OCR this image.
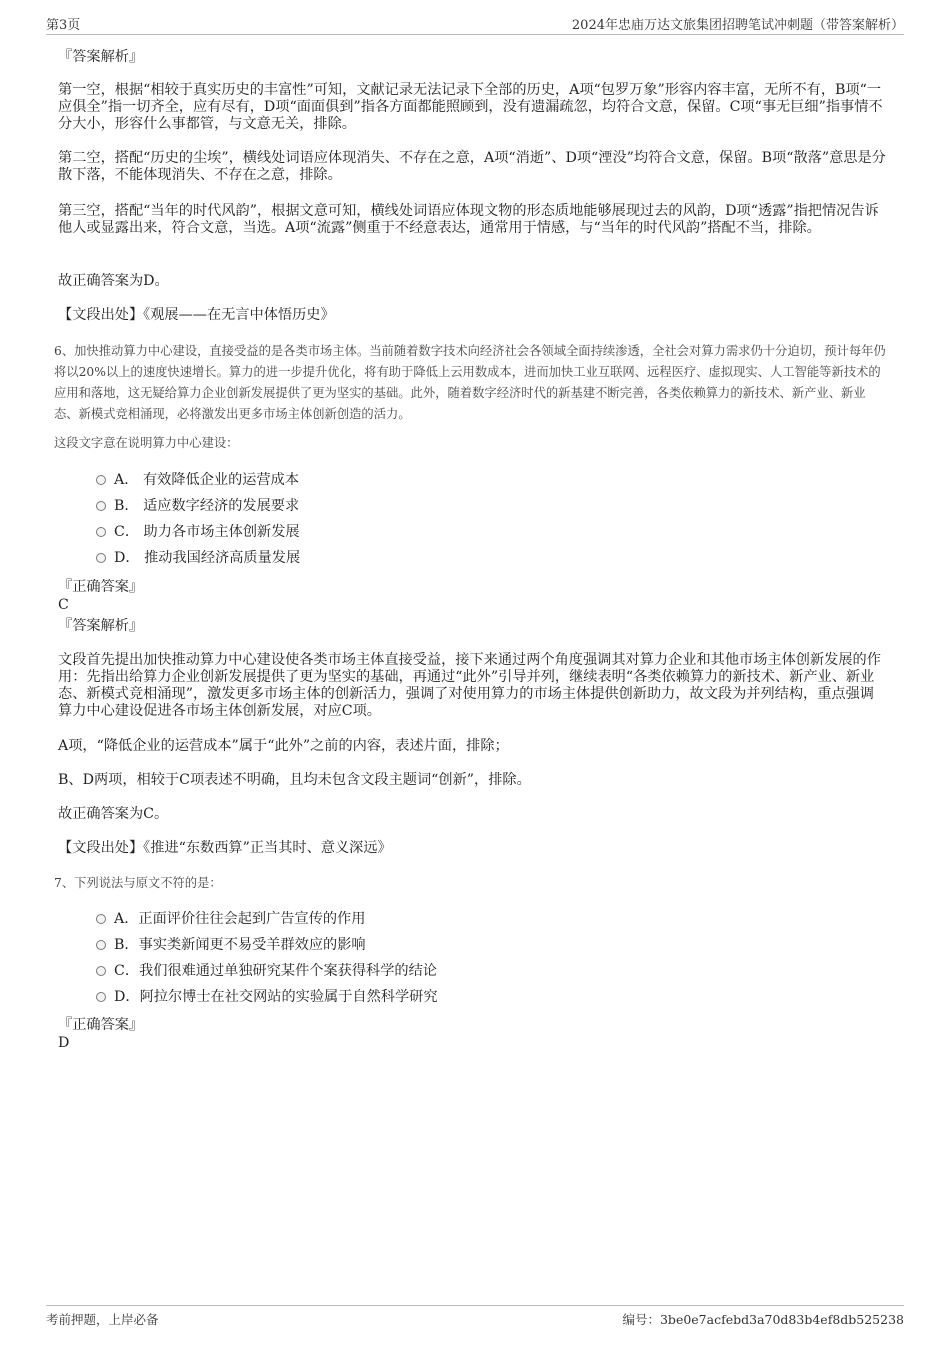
第3页	2024年忠庙万达文旅集团招聘笔试冲刺题（带答案解析）
『答案解析』
第一空，根据“相较于真实历史的丰富性”可知，文献记录无法记录下全部的历史，A项“包罗万象”形容内容丰富，无所不有，B项“一应俱全”指一切齐全，应有尽有，D项“面面俱到”指各方面都能照顾到，没有遗漏疏忽，均符合文意，保留。C项“事无巨细”指事情不分大小，形容什么事都管，与文意无关，排除。
第二空，搭配“历史的尘埃”，横线处词语应体现消失、不存在之意，A项“消逝”、D项“湮没”均符合文意，保留。B项“散落”意思是分散下落，不能体现消失、不存在之意，排除。
第三空，搭配“当年的时代风韵”，根据文意可知，横线处词语应体现文物的形态质地能够展现过去的风韵，D项“透露”指把情况告诉他人或显露出来，符合文意，当选。A项“流露”侧重于不经意表达，通常用于情感，与“当年的时代风韵”搭配不当，排除。
故正确答案为D。
【文段出处】《观展——在无言中体悟历史》
6、加快推动算力中心建设，直接受益的是各类市场主体。当前随着数字技术向经济社会各领域全面持续渗透，全社会对算力需求仍十分迫切，预计每年仍将以20%以上的速度快速增长。算力的进一步提升优化，将有助于降低上云用数成本，进而加快工业互联网、远程医疗、虚拟现实、人工智能等新技术的应用和落地，这无疑给算力企业创新发展提供了更为坚实的基础。此外，随着数字经济时代的新基建不断完善，各类依赖算力的新技术、新产业、新业态、新模式竞相涌现，必将激发出更多市场主体创新创造的活力。
这段文字意在说明算力中心建设：
A． 有效降低企业的运营成本
B． 适应数字经济的发展要求
C． 助力各市场主体创新发展
D． 推动我国经济高质量发展
『正确答案』
C
『答案解析』
文段首先提出加快推动算力中心建设使各类市场主体直接受益，接下来通过两个角度强调其对算力企业和其他市场主体创新发展的作用：先指出给算力企业创新发展提供了更为坚实的基础，再通过“此外”引导并列，继续表明“各类依赖算力的新技术、新产业、新业态、新模式竞相涌现”，激发更多市场主体的创新活力，强调了对使用算力的市场主体提供创新助力，故文段为并列结构，重点强调算力中心建设促进各市场主体创新发展，对应C项。
A项，“降低企业的运营成本”属于“此外”之前的内容，表述片面，排除；
B、D两项，相较于C项表述不明确，且均未包含文段主题词“创新”，排除。
故正确答案为C。
【文段出处】《推进“东数西算”正当其时、意义深远》
7、下列说法与原文不符的是：
A．正面评价往往会起到广告宣传的作用
B．事实类新闻更不易受羊群效应的影响
C．我们很难通过单独研究某件个案获得科学的结论
D．阿拉尔博士在社交网站的实验属于自然科学研究
『正确答案』
D
考前押题，上岸必备	编号：3be0e7acfebd3a70d83b4ef8db525238
